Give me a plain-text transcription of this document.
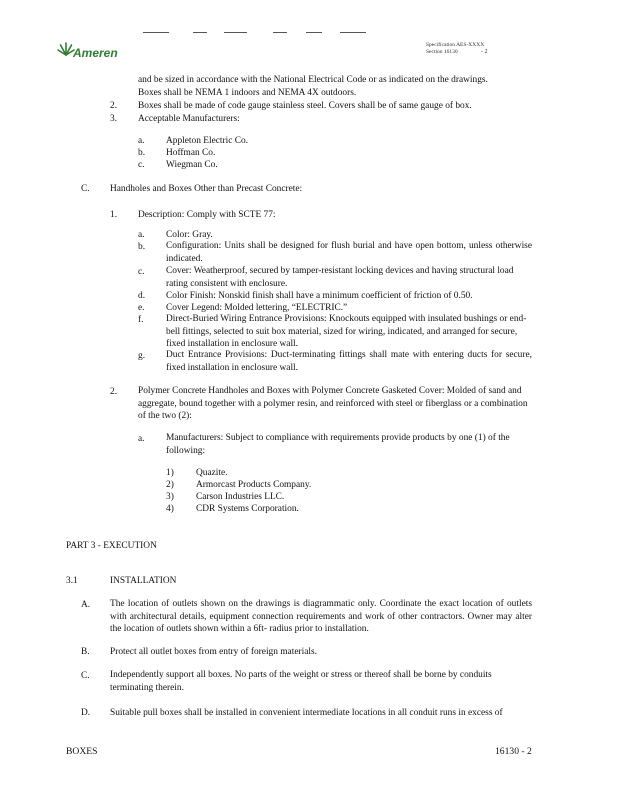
Ameren
Specification AES-XXXX
Section 16130	- 2
and be sized in accordance with the National Electrical Code or as indicated on the drawings.
Boxes shall be NEMA 1 indoors and NEMA 4X outdoors.
2. Boxes shall be made of code gauge stainless steel. Covers shall be of same gauge of box.
3. Acceptable Manufacturers:
a. Appleton Electric Co.
b. Hoffman Co.
c. Wiegman Co.
C. Handholes and Boxes Other than Precast Concrete:
1. Description: Comply with SCTE 77:
a. Color: Gray.
b. Configuration: Units shall be designed for flush burial and have open bottom, unless otherwise indicated.
c. Cover: Weatherproof, secured by tamper-resistant locking devices and having structural load rating consistent with enclosure.
d. Color Finish: Nonskid finish shall have a minimum coefficient of friction of 0.50.
e. Cover Legend: Molded lettering, “ELECTRIC.”
f. Direct-Buried Wiring Entrance Provisions: Knockouts equipped with insulated bushings or end-bell fittings, selected to suit box material, sized for wiring, indicated, and arranged for secure, fixed installation in enclosure wall.
g. Duct Entrance Provisions: Duct-terminating fittings shall mate with entering ducts for secure, fixed installation in enclosure wall.
2. Polymer Concrete Handholes and Boxes with Polymer Concrete Gasketed Cover: Molded of sand and aggregate, bound together with a polymer resin, and reinforced with steel or fiberglass or a combination of the two (2):
a. Manufacturers: Subject to compliance with requirements provide products by one (1) of the following:
1) Quazite.
2) Armorcast Products Company.
3) Carson Industries LLC.
4) CDR Systems Corporation.
PART 3 - EXECUTION
3.1	INSTALLATION
A. The location of outlets shown on the drawings is diagrammatic only. Coordinate the exact location of outlets with architectural details, equipment connection requirements and work of other contractors. Owner may alter the location of outlets shown within a 6ft- radius prior to installation.
B. Protect all outlet boxes from entry of foreign materials.
C. Independently support all boxes. No parts of the weight or stress or thereof shall be borne by conduits terminating therein.
D. Suitable pull boxes shall be installed in convenient intermediate locations in all conduit runs in excess of
BOXES	16130 - 2
